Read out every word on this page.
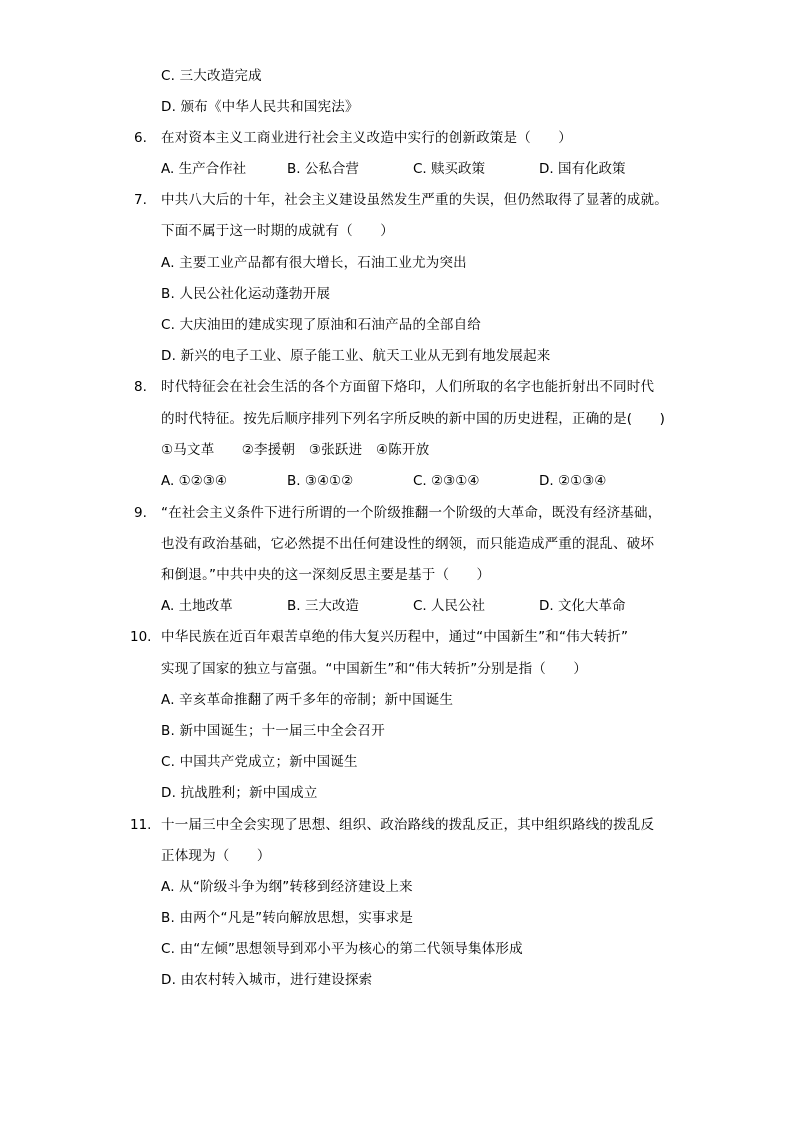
C. 三大改造完成
D. 颁布《中华人民共和国宪法》
6. 在对资本主义工商业进行社会主义改造中实行的创新政策是（　　）
A. 生产合作社	B. 公私合营	C. 赎买政策	D. 国有化政策
7. 中共八大后的十年，社会主义建设虽然发生严重的失误，但仍然取得了显著的成就。
下面不属于这一时期的成就有（　　）
A. 主要工业产品都有很大增长，石油工业尤为突出
B. 人民公社化运动蓬勃开展
C. 大庆油田的建成实现了原油和石油产品的全部自给
D. 新兴的电子工业、原子能工业、航天工业从无到有地发展起来
8. 时代特征会在社会生活的各个方面留下烙印，人们所取的名字也能折射出不同时代
的时代特征。按先后顺序排列下列名字所反映的新中国的历史进程，正确的是(　　)
①马文革　　②李援朝　③张跃进　④陈开放
A. ①②③④	B. ③④①②	C. ②③①④	D. ②①③④
9. “在社会主义条件下进行所谓的一个阶级推翻一个阶级的大革命，既没有经济基础，
也没有政治基础，它必然提不出任何建设性的纲领，而只能造成严重的混乱、破坏
和倒退。”中共中央的这一深刻反思主要是基于（　　）
A. 土地改革	B. 三大改造	C. 人民公社	D. 文化大革命
10. 中华民族在近百年艰苦卓绝的伟大复兴历程中，通过“中国新生”和“伟大转折”
实现了国家的独立与富强。“中国新生”和“伟大转折”分别是指（　　）
A. 辛亥革命推翻了两千多年的帝制；新中国诞生
B. 新中国诞生；十一届三中全会召开
C. 中国共产党成立；新中国诞生
D. 抗战胜利；新中国成立
11. 十一届三中全会实现了思想、组织、政治路线的拨乱反正，其中组织路线的拨乱反
正体现为（　　）
A. 从“阶级斗争为纲”转移到经济建设上来
B. 由两个“凡是”转向解放思想，实事求是
C. 由“左倾”思想领导到邓小平为核心的第二代领导集体形成
D. 由农村转入城市，进行建设探索
